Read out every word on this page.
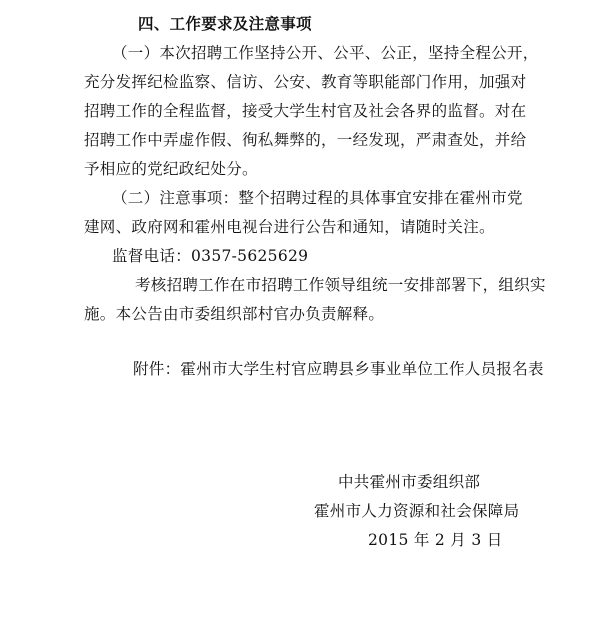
四、工作要求及注意事项
（一）本次招聘工作坚持公开、公平、公正，坚持全程公开，
充分发挥纪检监察、信访、公安、教育等职能部门作用，加强对
招聘工作的全程监督，接受大学生村官及社会各界的监督。对在
招聘工作中弄虚作假、徇私舞弊的，一经发现，严肃查处，并给
予相应的党纪政纪处分。
（二）注意事项：整个招聘过程的具体事宜安排在霍州市党
建网、政府网和霍州电视台进行公告和通知，请随时关注。
监督电话：0357-5625629
考核招聘工作在市招聘工作领导组统一安排部署下，组织实
施。本公告由市委组织部村官办负责解释。
附件：霍州市大学生村官应聘县乡事业单位工作人员报名表
中共霍州市委组织部
霍州市人力资源和社会保障局
2015 年 2 月 3 日
